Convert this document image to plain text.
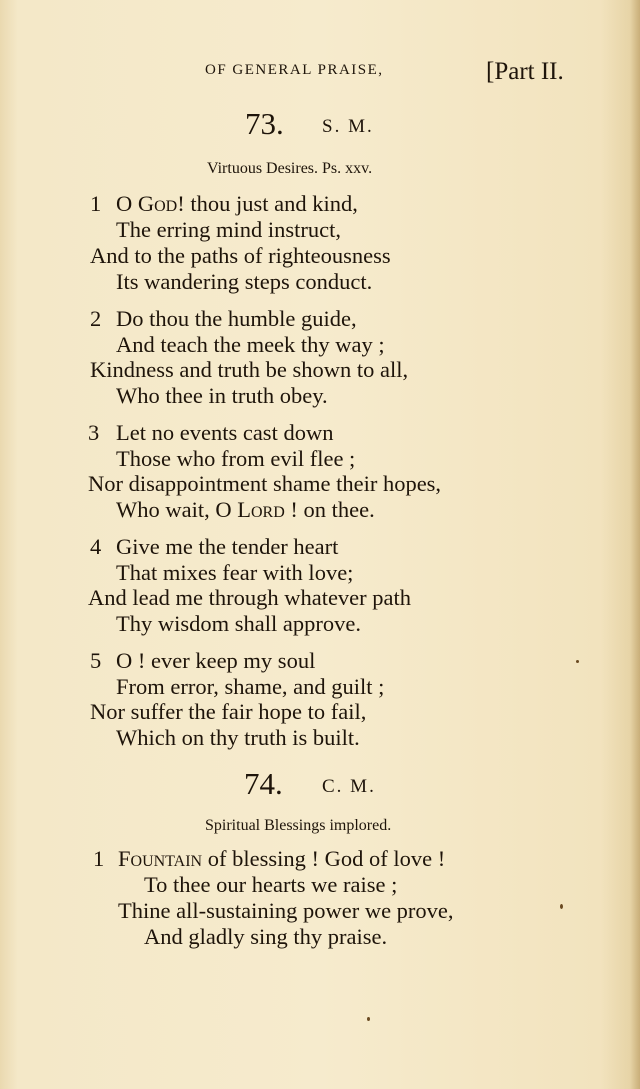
OF GENERAL PRAISE,	[Part II.
73. S. M.
Virtuous Desires. Ps. xxv.
1 O God! thou just and kind,
The erring mind instruct,
And to the paths of righteousness
Its wandering steps conduct.
2 Do thou the humble guide,
And teach the meek thy way ;
Kindness and truth be shown to all,
Who thee in truth obey.
3 Let no events cast down
Those who from evil flee ;
Nor disappointment shame their hopes,
Who wait, O Lord ! on thee.
4 Give me the tender heart
That mixes fear with love;
And lead me through whatever path
Thy wisdom shall approve.
5 O ! ever keep my soul
From error, shame, and guilt ;
Nor suffer the fair hope to fail,
Which on thy truth is built.
74. C. M.
Spiritual Blessings implored.
1 Fountain of blessing ! God of love !
To thee our hearts we raise ;
Thine all-sustaining power we prove,
And gladly sing thy praise.
